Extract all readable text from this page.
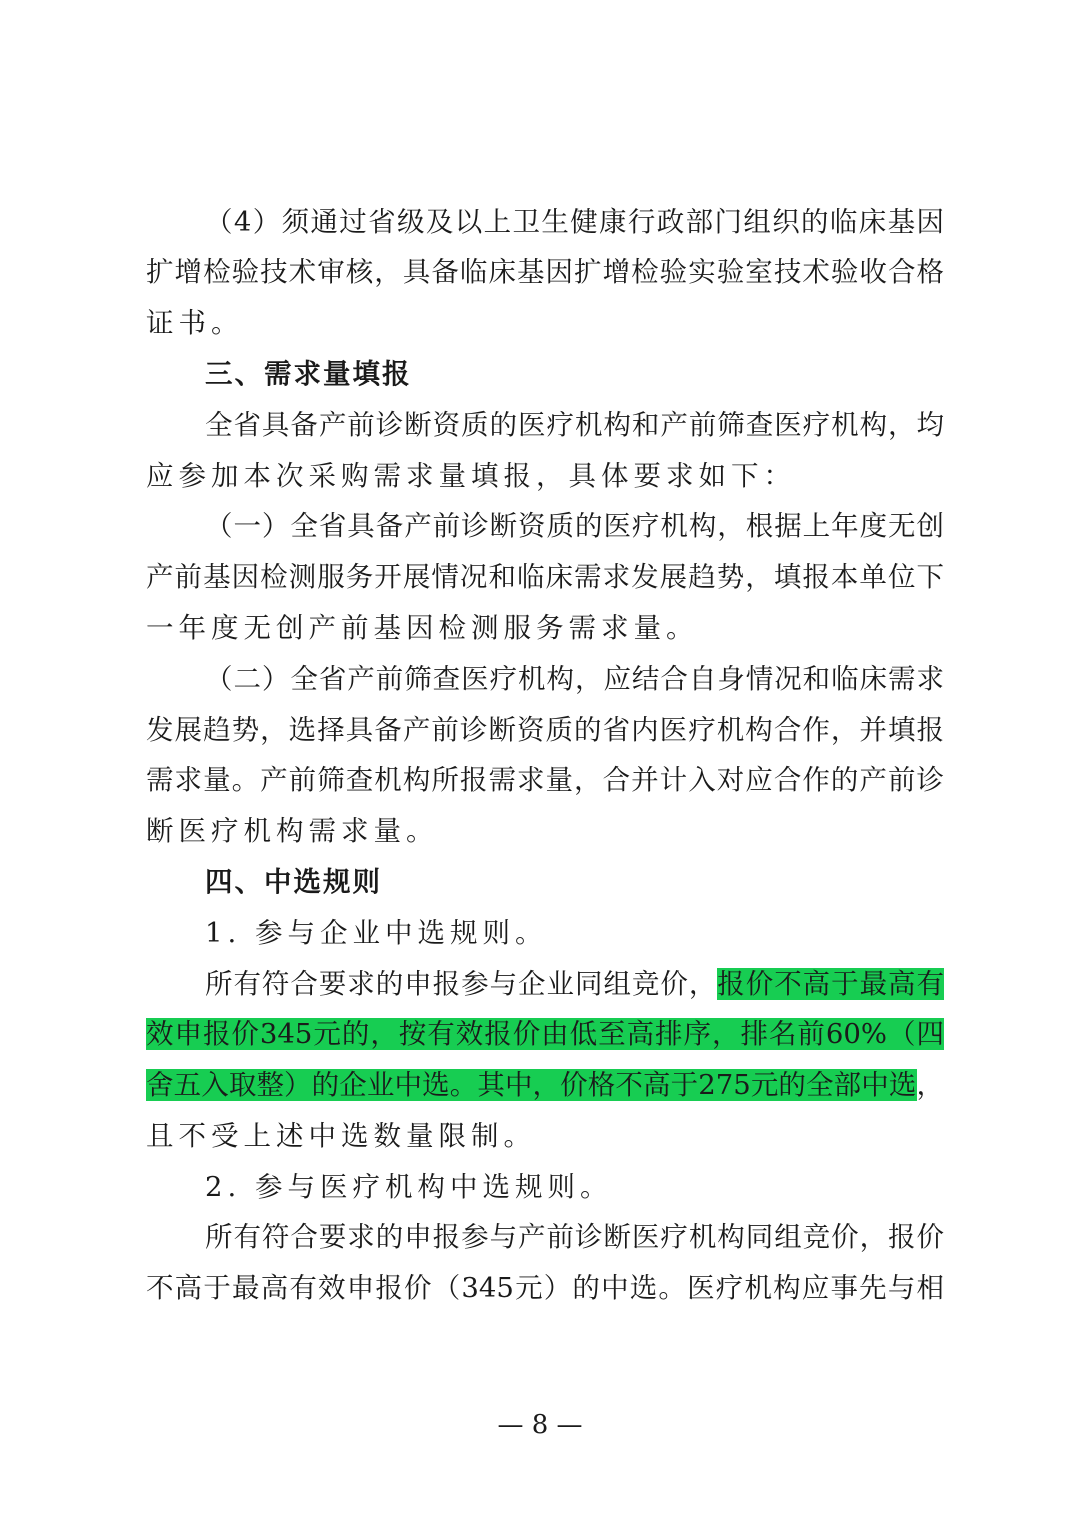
（4）须通过省级及以上卫生健康行政部门组织的临床基因
扩增检验技术审核，具备临床基因扩增检验实验室技术验收合格
证书。
三、需求量填报
全省具备产前诊断资质的医疗机构和产前筛查医疗机构，均
应参加本次采购需求量填报，具体要求如下：
（一）全省具备产前诊断资质的医疗机构，根据上年度无创
产前基因检测服务开展情况和临床需求发展趋势，填报本单位下
一年度无创产前基因检测服务需求量。
（二）全省产前筛查医疗机构，应结合自身情况和临床需求
发展趋势，选择具备产前诊断资质的省内医疗机构合作，并填报
需求量。产前筛查机构所报需求量，合并计入对应合作的产前诊
断医疗机构需求量。
四、中选规则
1. 参与企业中选规则。
所有符合要求的申报参与企业同组竞价，报价不高于最高有
效申报价345元的，按有效报价由低至高排序，排名前60%（四
舍五入取整）的企业中选。其中，价格不高于275元的全部中选，
且不受上述中选数量限制。
2. 参与医疗机构中选规则。
所有符合要求的申报参与产前诊断医疗机构同组竞价，报价
不高于最高有效申报价（345元）的中选。医疗机构应事先与相
— 8 —
